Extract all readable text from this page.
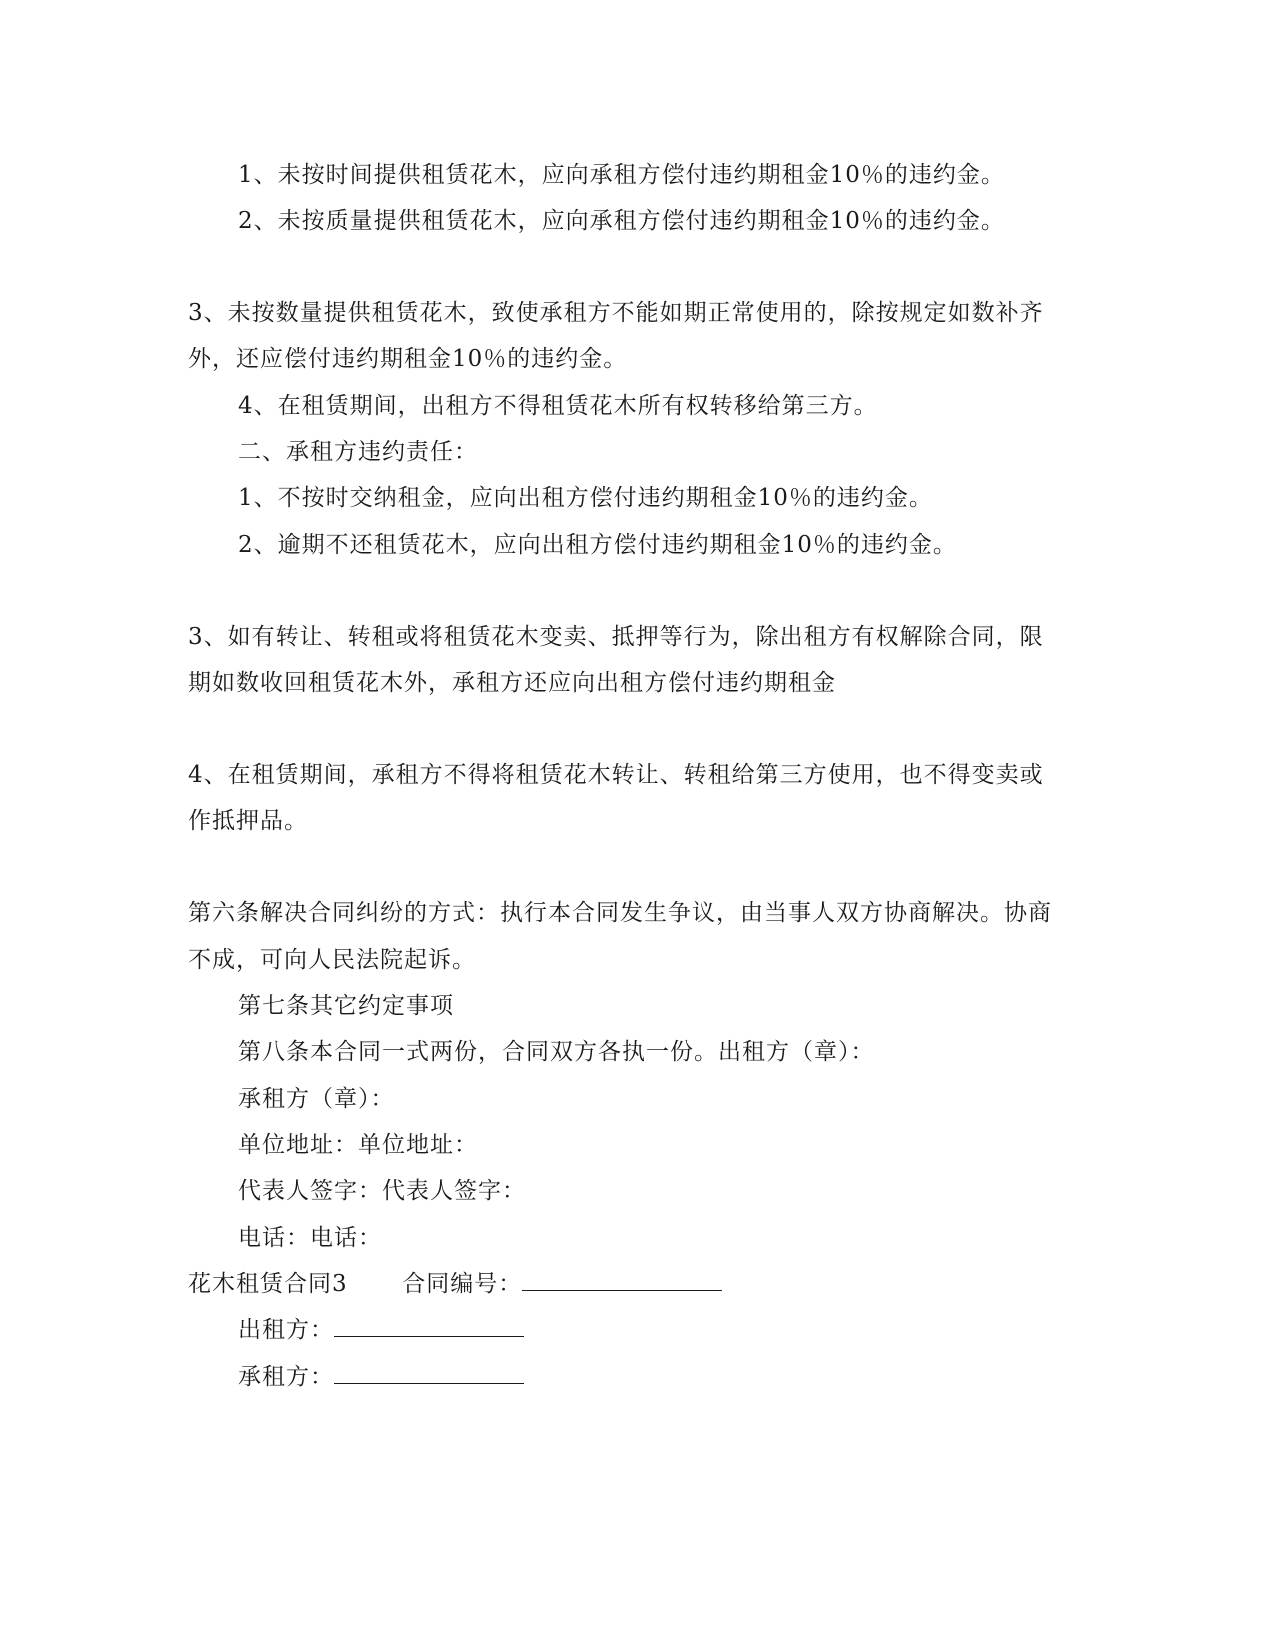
1、未按时间提供租赁花木，应向承租方偿付违约期租金10％的违约金。
2、未按质量提供租赁花木，应向承租方偿付违约期租金10％的违约金。
3、未按数量提供租赁花木，致使承租方不能如期正常使用的，除按规定如数补齐
外，还应偿付违约期租金10％的违约金。
4、在租赁期间，出租方不得租赁花木所有权转移给第三方。
二、承租方违约责任：
1、不按时交纳租金，应向出租方偿付违约期租金10％的违约金。
2、逾期不还租赁花木，应向出租方偿付违约期租金10％的违约金。
3、如有转让、转租或将租赁花木变卖、抵押等行为，除出租方有权解除合同，限
期如数收回租赁花木外，承租方还应向出租方偿付违约期租金
4、在租赁期间，承租方不得将租赁花木转让、转租给第三方使用，也不得变卖或
作抵押品。
第六条解决合同纠纷的方式：执行本合同发生争议，由当事人双方协商解决。协商
不成，可向人民法院起诉。
第七条其它约定事项
第八条本合同一式两份，合同双方各执一份。出租方（章）：
承租方（章）：
单位地址：单位地址：
代表人签字：代表人签字：
电话：电话：
花木租赁合同3 合同编号：
出租方：
承租方：
